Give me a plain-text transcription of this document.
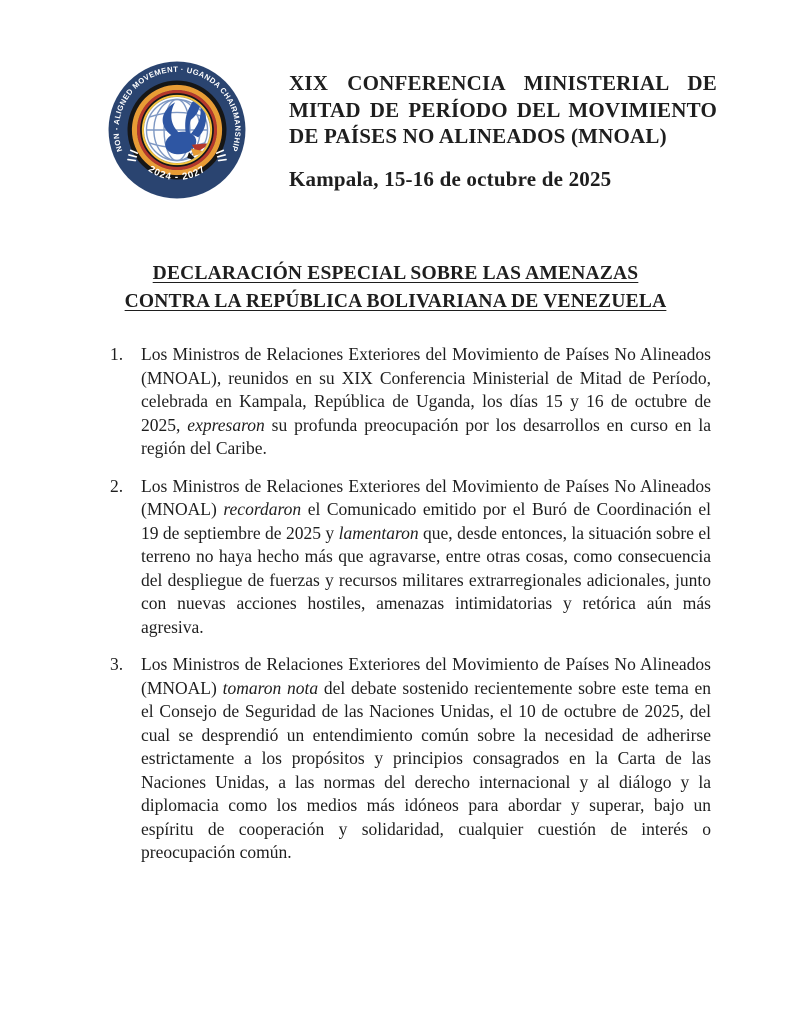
NON - ALIGNED MOVEMENT · UGANDA CHAIRMANSHIP
2024 - 2027
XIX CONFERENCIA MINISTERIAL DE MITAD DE PERÍODO DEL MOVIMIENTO DE PAÍSES NO ALINEADOS (MNOAL)
Kampala, 15-16 de octubre de 2025
DECLARACIÓN ESPECIAL SOBRE LAS AMENAZAS
CONTRA LA REPÚBLICA BOLIVARIANA DE VENEZUELA
1.	Los Ministros de Relaciones Exteriores del Movimiento de Países No Alineados (MNOAL), reunidos en su XIX Conferencia Ministerial de Mitad de Período, celebrada en Kampala, República de Uganda, los días 15 y 16 de octubre de 2025, expresaron su profunda preocupación por los desarrollos en curso en la región del Caribe.
2.	Los Ministros de Relaciones Exteriores del Movimiento de Países No Alineados (MNOAL) recordaron el Comunicado emitido por el Buró de Coordinación el 19 de septiembre de 2025 y lamentaron que, desde entonces, la situación sobre el terreno no haya hecho más que agravarse, entre otras cosas, como consecuencia del despliegue de fuerzas y recursos militares extrarregionales adicionales, junto con nuevas acciones hostiles, amenazas intimidatorias y retórica aún más agresiva.
3.	Los Ministros de Relaciones Exteriores del Movimiento de Países No Alineados (MNOAL) tomaron nota del debate sostenido recientemente sobre este tema en el Consejo de Seguridad de las Naciones Unidas, el 10 de octubre de 2025, del cual se desprendió un entendimiento común sobre la necesidad de adherirse estrictamente a los propósitos y principios consagrados en la Carta de las Naciones Unidas, a las normas del derecho internacional y al diálogo y la diplomacia como los medios más idóneos para abordar y superar, bajo un espíritu de cooperación y solidaridad, cualquier cuestión de interés o preocupación común.
